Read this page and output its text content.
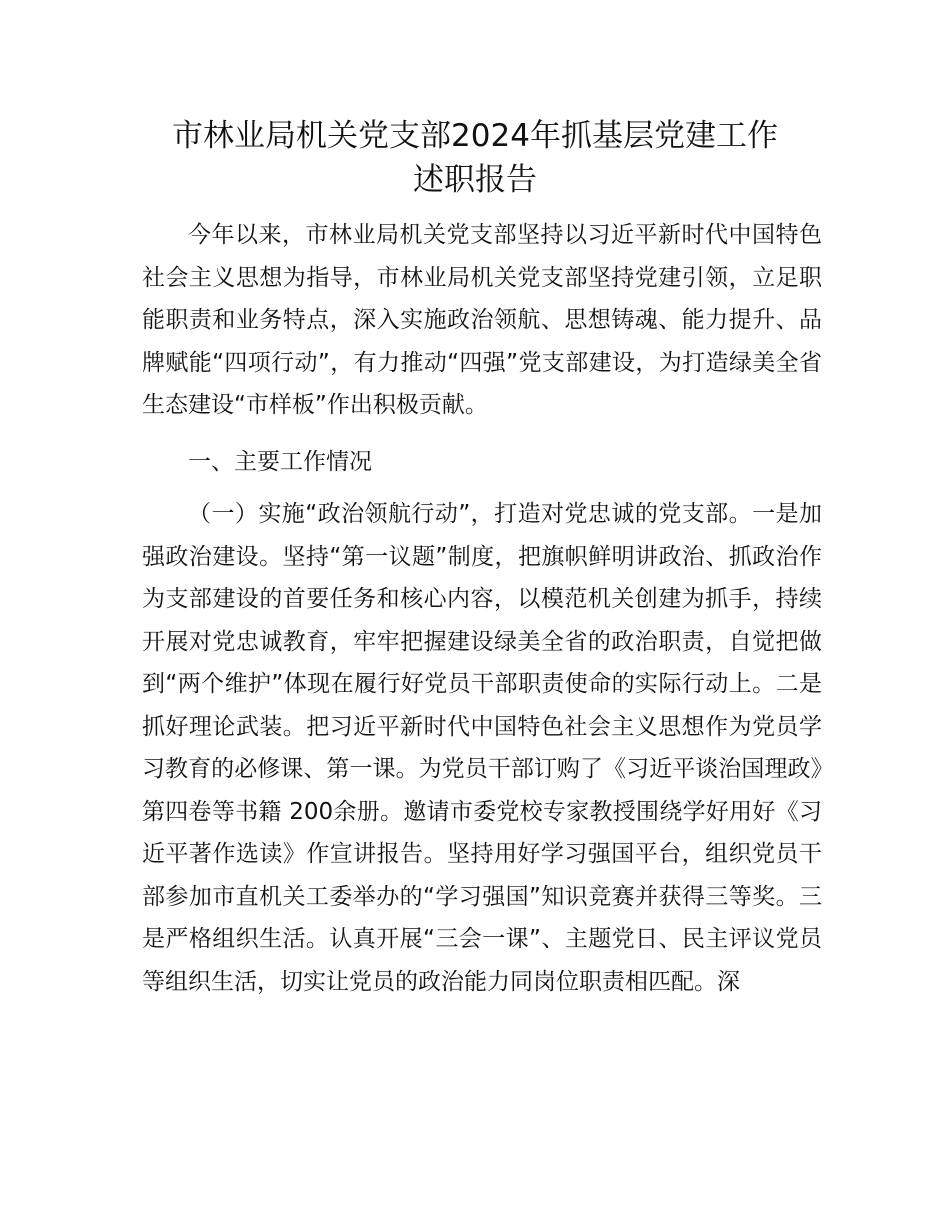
市林业局机关党支部2024年抓基层党建工作
述职报告

今年以来，市林业局机关党支部坚持以习近平新时代中国特色社会主义思想为指导，市林业局机关党支部坚持党建引领，立足职能职责和业务特点，深入实施政治领航、思想铸魂、能力提升、品牌赋能“四项行动”，有力推动“四强”党支部建设，为打造绿美全省生态建设“市样板”作出积极贡献。

一、主要工作情况

（一）实施“政治领航行动”，打造对党忠诚的党支部。一是加强政治建设。坚持“第一议题”制度，把旗帜鲜明讲政治、抓政治作为支部建设的首要任务和核心内容，以模范机关创建为抓手，持续开展对党忠诚教育，牢牢把握建设绿美全省的政治职责，自觉把做到“两个维护”体现在履行好党员干部职责使命的实际行动上。二是抓好理论武装。把习近平新时代中国特色社会主义思想作为党员学习教育的必修课、第一课。为党员干部订购了《习近平谈治国理政》第四卷等书籍 200余册。邀请市委党校专家教授围绕学好用好《习近平著作选读》作宣讲报告。坚持用好学习强国平台，组织党员干部参加市直机关工委举办的“学习强国”知识竞赛并获得三等奖。三是严格组织生活。认真开展“三会一课”、主题党日、民主评议党员等组织生活，切实让党员的政治能力同岗位职责相匹配。深
